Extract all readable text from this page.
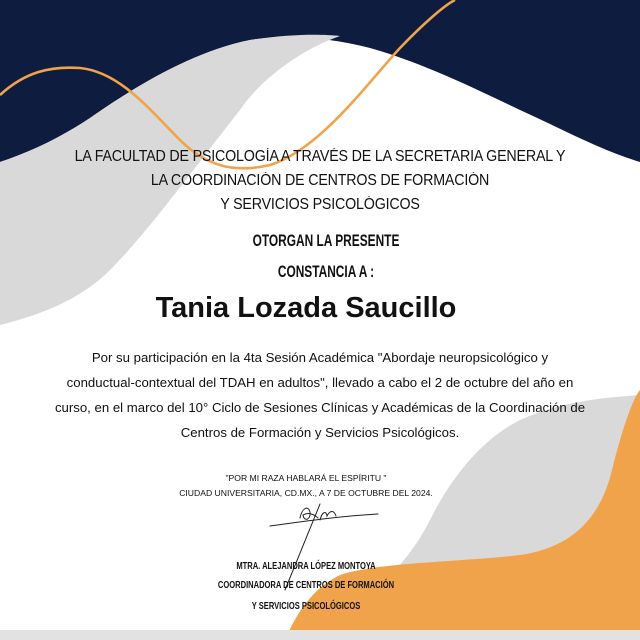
LA FACULTAD DE PSICOLOGÍA A TRAVÉS DE LA SECRETARIA GENERAL Y
LA COORDINACIÓN DE CENTROS DE FORMACIÓN
Y SERVICIOS PSICOLÓGICOS
OTORGAN LA PRESENTE
CONSTANCIA A :
Tania Lozada Saucillo
Por su participación en la 4ta Sesión Académica "Abordaje neuropsicológico y
conductual-contextual del TDAH en adultos", llevado a cabo el 2 de octubre del año en
curso, en el marco del 10° Ciclo de Sesiones Clínicas y Académicas de la Coordinación de
Centros de Formación y Servicios Psicológicos.
"POR MI RAZA HABLARÁ EL ESPÍRITU "
CIUDAD UNIVERSITARIA, CD.MX., A 7 DE OCTUBRE DEL 2024.
MTRA. ALEJANDRA LÓPEZ MONTOYA
COORDINADORA DE CENTROS DE FORMACIÓN
Y SERVICIOS PSICOLÓGICOS
